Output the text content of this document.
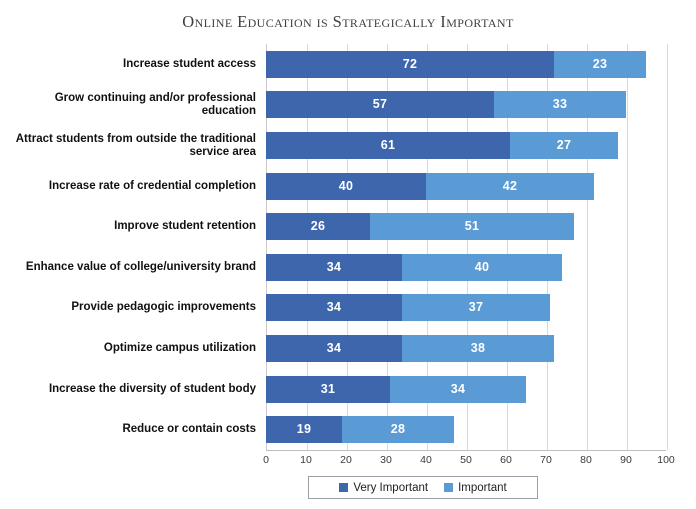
Online Education is Strategically Important
Increase student access
Grow continuing and/or professional education
Attract students from outside the traditional service area
Increase rate of credential completion
Improve student retention
Enhance value of college/university brand
Provide pedagogic improvements
Optimize campus utilization
Increase the diversity of student body
Reduce or contain costs
Very Important	Important
0	10	20	30	40	50	60	70	80	90	100
72	23
57	33
61	27
40	42
26	51
34	40
34	37
34	38
31	34
19	28
